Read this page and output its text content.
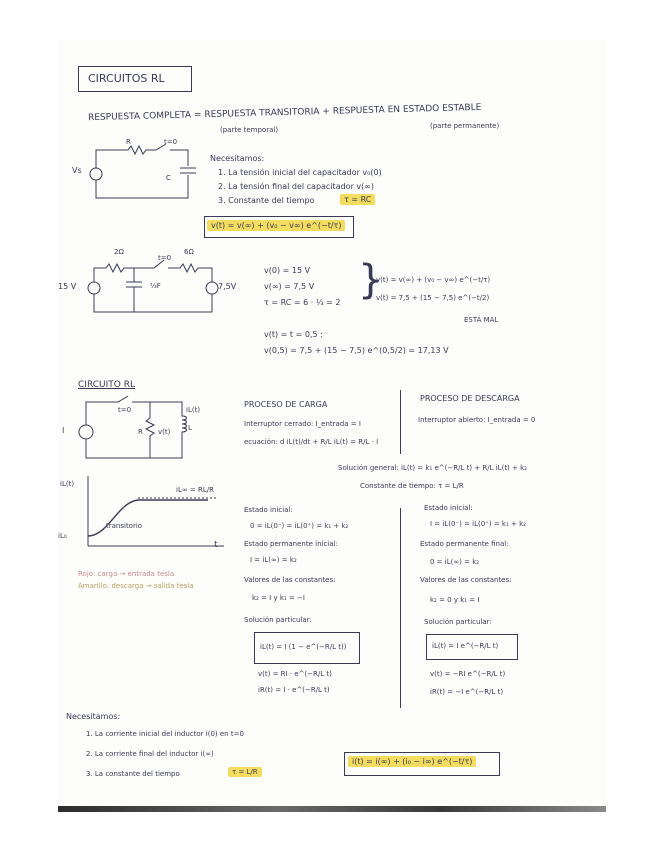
CIRCUITOS RL
RESPUESTA COMPLETA = RESPUESTA TRANSITORIA + RESPUESTA EN ESTADO ESTABLE
(parte temporal)	(parte permanente)
Vs
R	t=0
C
Necesitamos:
1. La tensión inicial del capacitador v₀(0)
2. La tensión final del capacitador v(∞)
3. Constante del tiempo	τ = RC
v(t) = v(∞) + (v₀ − v∞) e^(−t/τ)
15 V
2Ω
t=0
6Ω
⅓F	7,5V
v(0) = 15 V
v(∞) = 7,5 V
τ = RC = 6 · ⅓ = 2 }
v(t) = v(∞) + (v₀ − v∞) e^(−t/τ)
v(t) = 7,5 + (15 − 7,5) e^(−t/2)
ESTÁ MAL
v(t) = t = 0,5 :
v(0,5) = 7,5 + (15 − 7,5) e^(0,5/2) = 17,13 V
CIRCUITO RL
I
t=0
R v(t)
iL(t)
L
iL(t)
iL∞ = RL/R
transitorio
iL₀
t
Rojo: carga → entrada tesla
Amarillo: descarga → salida tesla
PROCESO DE CARGA
Interruptor cerrado: I_entrada = I
ecuación: d iL(t)/dt + R/L iL(t) = R/L · I
Solución general: iL(t) = k₁ e^(−R/L t) + R/L iL(t) + k₂
Constante de tiempo: τ = L/R
Estado inicial:
0 = iL(0⁻) = iL(0⁺) = k₁ + k₂
Estado permanente inicial:
I = iL(∞) = k₂
Valores de las constantes:
k₂ = I y k₁ = −I
Solución particular:
iL(t) = I (1 − e^(−R/L t))
v(t) = RI · e^(−R/L t)
iR(t) = I · e^(−R/L t)
PROCESO DE DESCARGA
Interruptor abierto: I_entrada = 0
Estado inicial:
I = iL(0⁻) = iL(0⁺) = k₁ + k₂
Estado permanente final:
0 = iL(∞) = k₂
Valores de las constantes:
k₂ = 0 y k₁ = I
Solución particular:
iL(t) = I e^(−R/L t)
v(t) = −RI e^(−R/L t)
iR(t) = −I e^(−R/L t)
Necesitamos:
1. La corriente inicial del inductor i(0) en t=0
2. La corriente final del inductor i(∞)
3. La constante del tiempo	τ = L/R
i(t) = i(∞) + (i₀ − i∞) e^(−t/τ)
